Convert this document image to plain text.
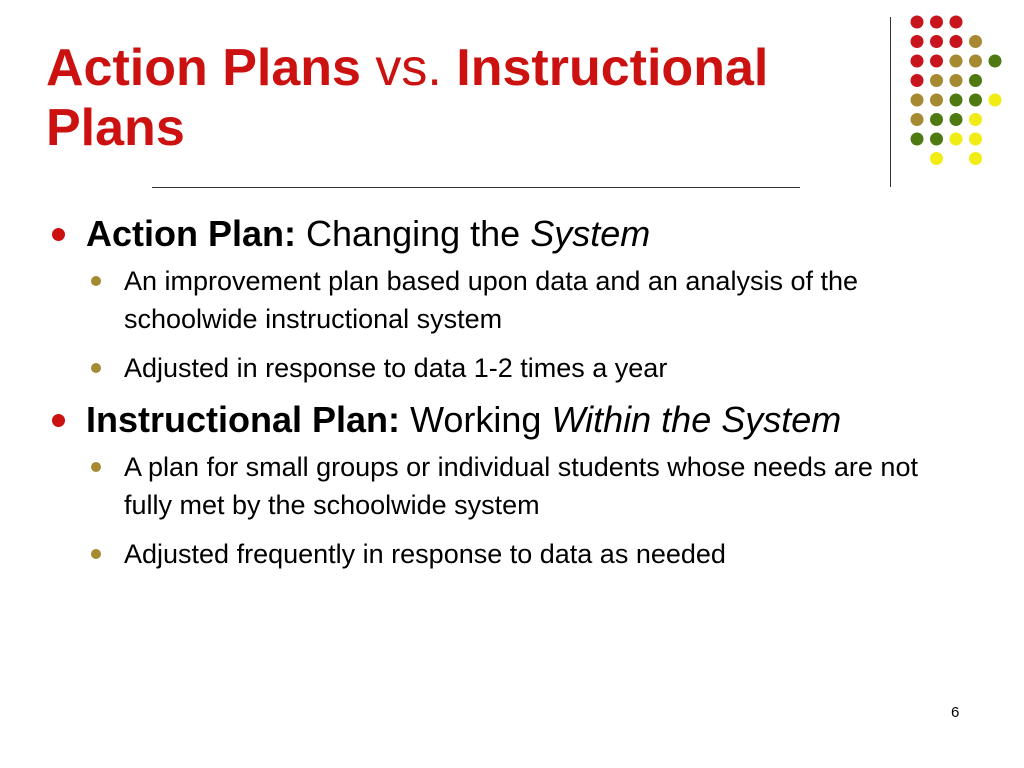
Action Plans vs. Instructional Plans
Action Plan: Changing the System
An improvement plan based upon data and an analysis of the schoolwide instructional system
Adjusted in response to data 1-2 times a year
Instructional Plan: Working Within the System
A plan for small groups or individual students whose needs are not fully met by the schoolwide system
Adjusted frequently in response to data as needed
6
